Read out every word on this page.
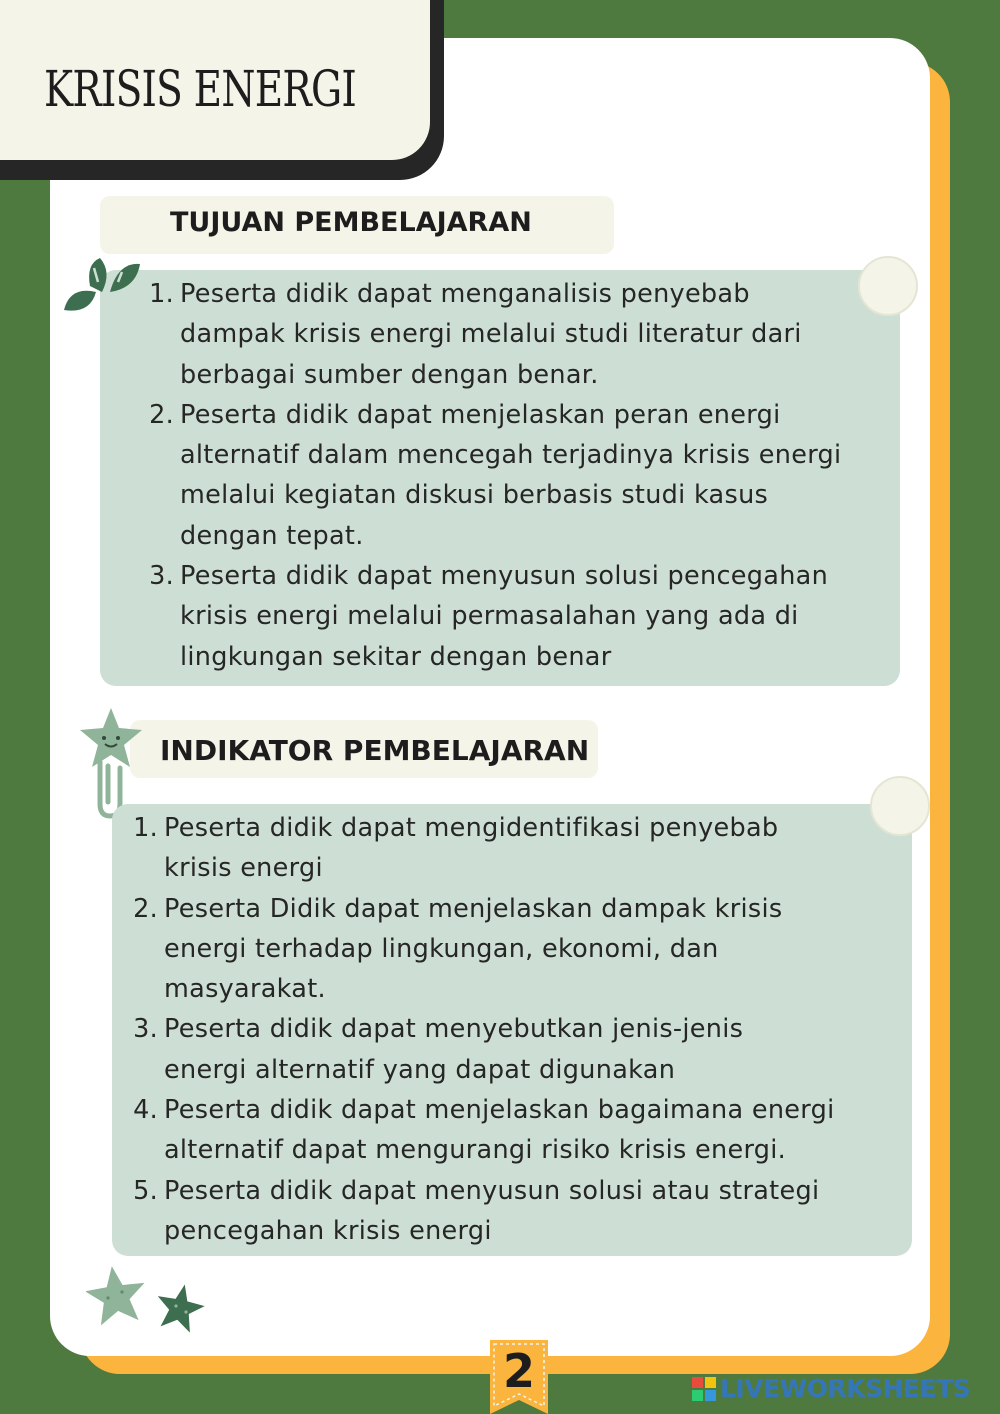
KRISIS ENERGI
TUJUAN PEMBELAJARAN
1. Peserta didik dapat menganalisis penyebab
dampak krisis energi melalui studi literatur dari
berbagai sumber dengan benar.
2. Peserta didik dapat menjelaskan peran energi
alternatif dalam mencegah terjadinya krisis energi
melalui kegiatan diskusi berbasis studi kasus
dengan tepat.
3. Peserta didik dapat menyusun solusi pencegahan
krisis energi melalui permasalahan yang ada di
lingkungan sekitar dengan benar
INDIKATOR PEMBELAJARAN
1. Peserta didik dapat mengidentifikasi penyebab
krisis energi
2. Peserta Didik dapat menjelaskan dampak krisis
energi terhadap lingkungan, ekonomi, dan
masyarakat.
3. Peserta didik dapat menyebutkan jenis-jenis
energi alternatif yang dapat digunakan
4. Peserta didik dapat menjelaskan bagaimana energi
alternatif dapat mengurangi risiko krisis energi.
5. Peserta didik dapat menyusun solusi atau strategi
pencegahan krisis energi
2	LIVEWORKSHEETS
